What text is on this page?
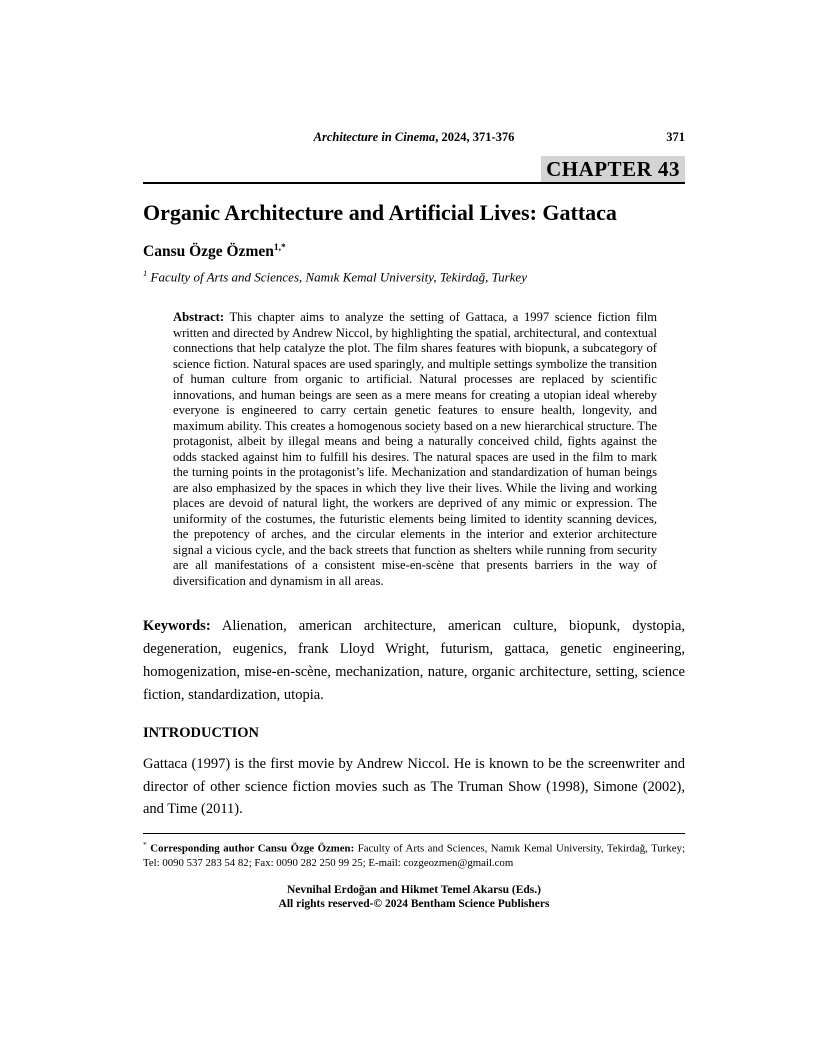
Architecture in Cinema, 2024, 371-376	371
CHAPTER 43
Organic Architecture and Artificial Lives: Gattaca
Cansu Özge Özmen$^{1,*}$
$^1$ Faculty of Arts and Sciences, Namık Kemal University, Tekirdağ, Turkey

Abstract: This chapter aims to analyze the setting of Gattaca, a 1997 science fiction film written and directed by Andrew Niccol, by highlighting the spatial, architectural, and contextual connections that help catalyze the plot. The film shares features with biopunk, a subcategory of science fiction. Natural spaces are used sparingly, and multiple settings symbolize the transition of human culture from organic to artificial. Natural processes are replaced by scientific innovations, and human beings are seen as a mere means for creating a utopian ideal whereby everyone is engineered to carry certain genetic features to ensure health, longevity, and maximum ability. This creates a homogenous society based on a new hierarchical structure. The protagonist, albeit by illegal means and being a naturally conceived child, fights against the odds stacked against him to fulfill his desires. The natural spaces are used in the film to mark the turning points in the protagonist’s life. Mechanization and standardization of human beings are also emphasized by the spaces in which they live their lives. While the living and working places are devoid of natural light, the workers are deprived of any mimic or expression. The uniformity of the costumes, the futuristic elements being limited to identity scanning devices, the prepotency of arches, and the circular elements in the interior and exterior architecture signal a vicious cycle, and the back streets that function as shelters while running from security are all manifestations of a consistent mise-en-scène that presents barriers in the way of diversification and dynamism in all areas.

Keywords: Alienation, american architecture, american culture, biopunk, dystopia, degeneration, eugenics, frank Lloyd Wright, futurism, gattaca, genetic engineering, homogenization, mise-en-scène, mechanization, nature, organic architecture, setting, science fiction, standardization, utopia.

INTRODUCTION

Gattaca (1997) is the first movie by Andrew Niccol. He is known to be the screenwriter and director of other science fiction movies such as The Truman Show (1998), Simone (2002), and Time (2011).

* Corresponding author Cansu Özge Özmen: Faculty of Arts and Sciences, Namık Kemal University, Tekirdağ, Turkey; Tel: 0090 537 283 54 82; Fax: 0090 282 250 99 25; E-mail: cozgeozmen@gmail.com
Nevnihal Erdoğan and Hikmet Temel Akarsu (Eds.)
All rights reserved-© 2024 Bentham Science Publishers
